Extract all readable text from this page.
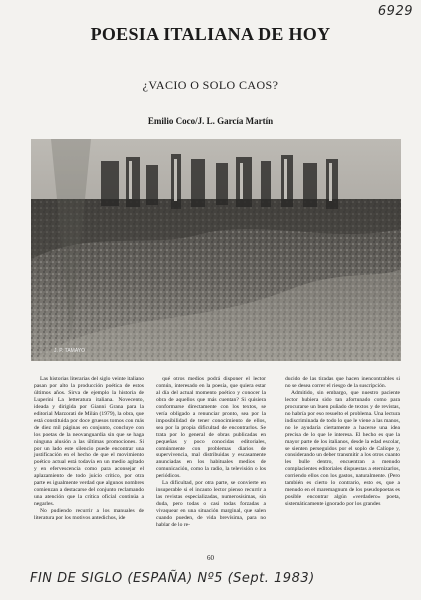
6929
POESIA ITALIANA DE HOY
¿VACIO O SOLO CAOS?
Emilio Coco/J. L. García Martín
J. P. TAMAYO

Las historias literarias del siglo veinte italiano pasan por alto la producción poética de estos últimos años. Sirva de ejemplo la historia de Luperini La letteratura italiana. Novecento, ideada y dirigida por Gianni Grana para la editorial Marzorati de Milán (1979), la obra, que está constituida por doce gruesos tomos con más de diez mil páginas en conjunto, concluye con los poetas de la neovanguardia sin que se haga ninguna alusión a las últimas promociones. Si por un lado este silencio puede encontrar una justificación en el hecho de que el movimiento poético actual está todavía en un medio agitado y en efervescencia como para aconsejar el aplazamiento de todo juicio crítico, por otra parte es igualmente verdad que algunos nombres comienzan a destacarse del conjunto reclamando una atención que la crítica oficial continúa a negarles.

No pudiendo recurrir a los manuales de literatura por los motivos antedichos, ide

qué otros medios podrá disponer el lector común, interesado en la poesía, que quiera estar al día del actual momento poético y conocer la obra de aquellos que más cuentan? Si quisiera conformarse directamente con los textos, se vería obligado a renunciar pronto, sea por la imposibilidad de tener conocimiento de ellos, sea por la propia dificultad de encontrarlos. Se trata por lo general de obras publicadas en pequeñas y poco conocidas editoriales, comúnmente con problemas diarios de supervivencia, mal distribuidas y escasamente anunciadas en los habituales medios de comunicación, como la radio, la televisión o los periódicos.

La dificultad, por otra parte, se convierte en insuperable si el incauto lector pienso recurrir a las revistas especializadas, numerosísimas, sin duda, pero todas o casi todas forzadas a vivaquear en una situación marginal, que salen cuando pueden, de vida brevísima, para no hablar de lo re-

ducido de las tiradas que hacen inencontrables si no se desea correr el riesgo de la suscripción.

Admitido, sin embargo, que nuestro paciente lector hubiera sido tan afortunado como para procurarse un buen puñado de textos y de revistas, no habría por eso resuelto el problema. Una lectura indiscriminada de todo lo que le viene a las manos, no le ayudaría ciertamente a hacerse una idea precisa de lo que le interesa. El hecho es que la mayor parte de los italianos, desde la edad escolar, se sienten perseguidos por el soplo de Calíope y, considerando un deber transmitir a los otros cuanto les bulle dentro, encuentran a menudo complacientes editoriales dispuestas a eternizarlos, corriendo ellos con los gastos, naturalmente. (Pero también es cierto lo contrario, esto es, que a menudo en el maremagnum de los pseudopoetas es posible encontrar algún «verdadero» poeta, sistemáticamente ignorado por los grandes

60
FIN DE SIGLO (ESPAÑA) Nº5 (Sept. 1983)
